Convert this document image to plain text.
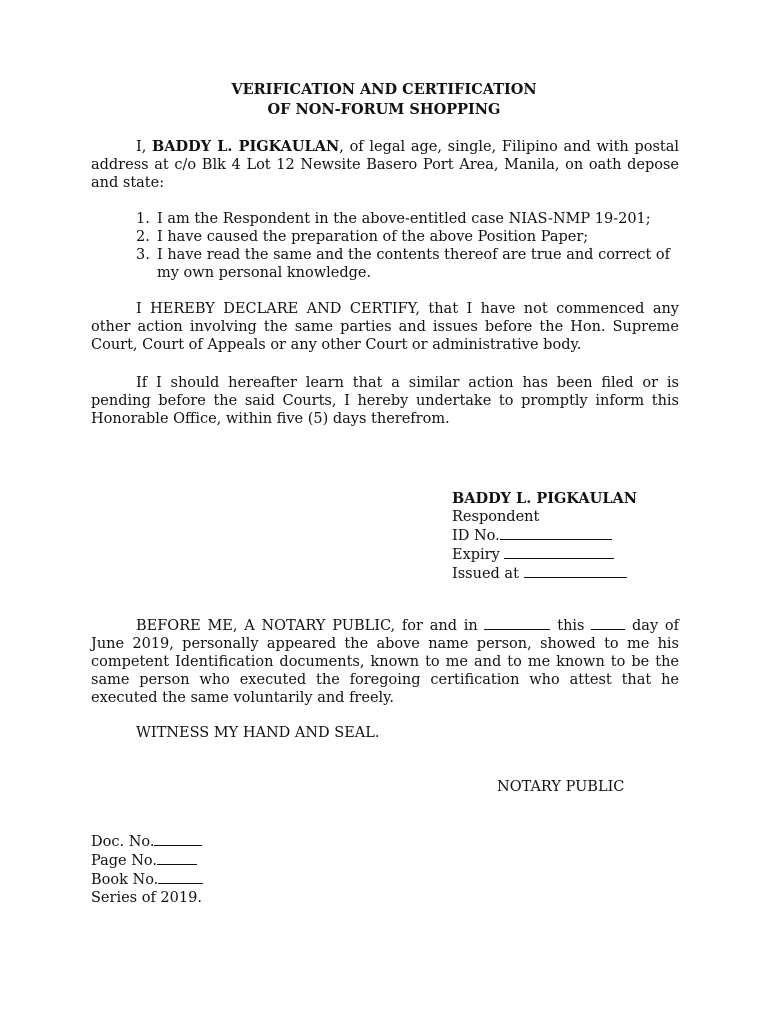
VERIFICATION AND CERTIFICATION
OF NON-FORUM SHOPPING
I, BADDY L. PIGKAULAN, of legal age, single, Filipino and with postal address at c/o Blk 4 Lot 12 Newsite Basero Port Area, Manila, on oath depose and state:
1. I am the Respondent in the above-entitled case NIAS-NMP 19-201;
2. I have caused the preparation of the above Position Paper;
3. I have read the same and the contents thereof are true and correct of my own personal knowledge.
I HEREBY DECLARE AND CERTIFY, that I have not commenced any other action involving the same parties and issues before the Hon. Supreme Court, Court of Appeals or any other Court or administrative body.
If I should hereafter learn that a similar action has been filed or is pending before the said Courts, I hereby undertake to promptly inform this Honorable Office, within five (5) days therefrom.
BADDY L. PIGKAULAN
Respondent
ID No.
Expiry
Issued at
BEFORE ME, A NOTARY PUBLIC, for and in	this  day of June 2019, personally appeared the above name person, showed to me his competent Identification documents, known to me and to me known to be the same person who executed the foregoing certification who attest that he executed the same voluntarily and freely.
WITNESS MY HAND AND SEAL.
NOTARY PUBLIC
Doc. No.
Page No.
Book No.
Series of 2019.
